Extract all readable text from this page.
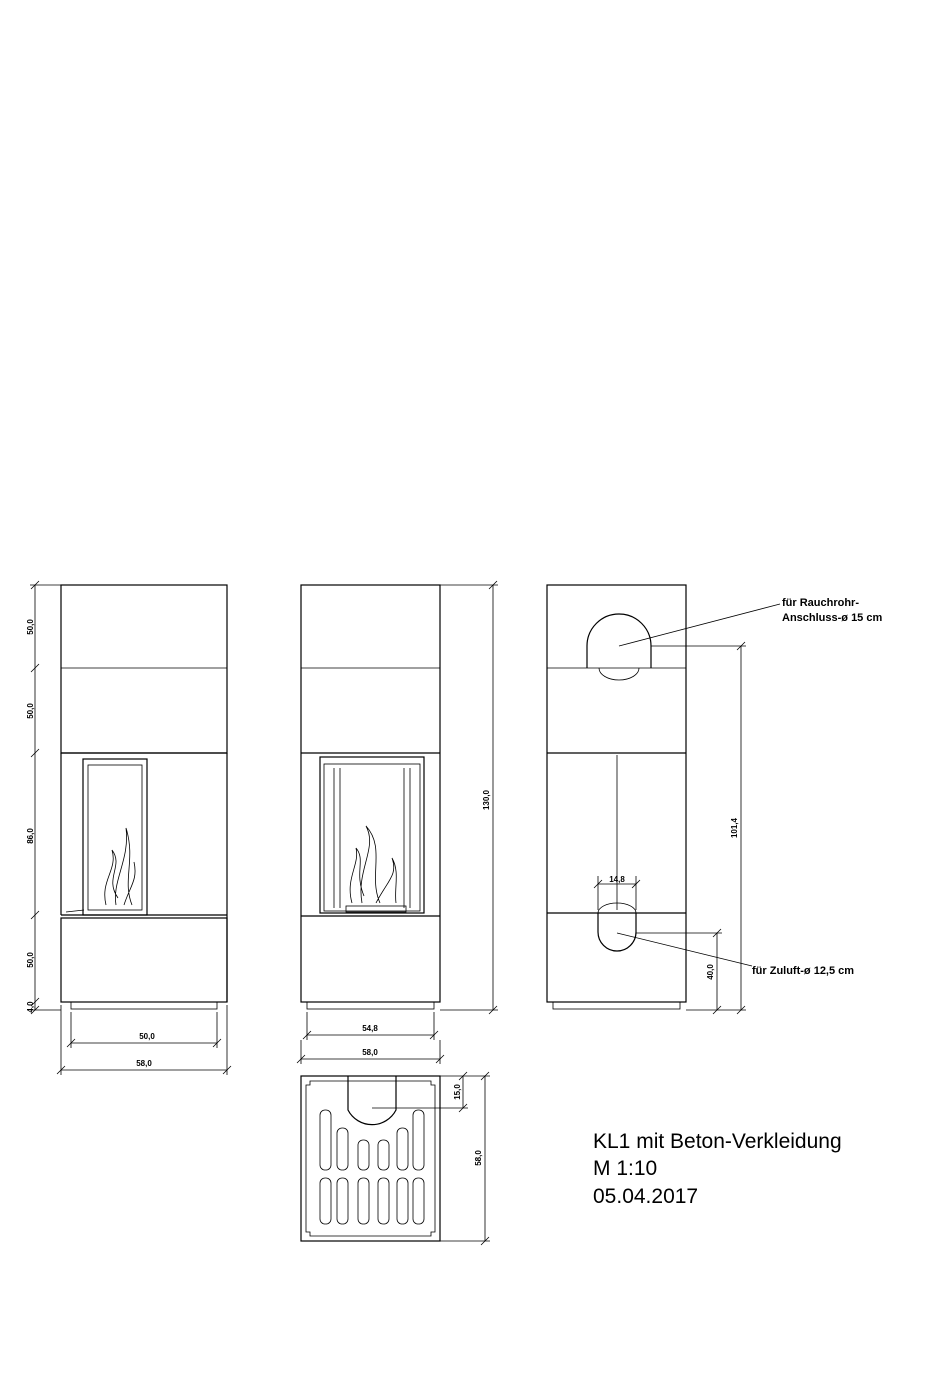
50,0
50,0
86,0
50,0
4,0
50,0
58,0
130,0
54,8
58,0
für Rauchrohr-
Anschluss-ø 15 cm
101,4
14,8
für Zuluft-ø 12,5 cm
40,0
15,0
58,0
KL1 mit Beton-Verkleidung
M 1:10
05.04.2017
